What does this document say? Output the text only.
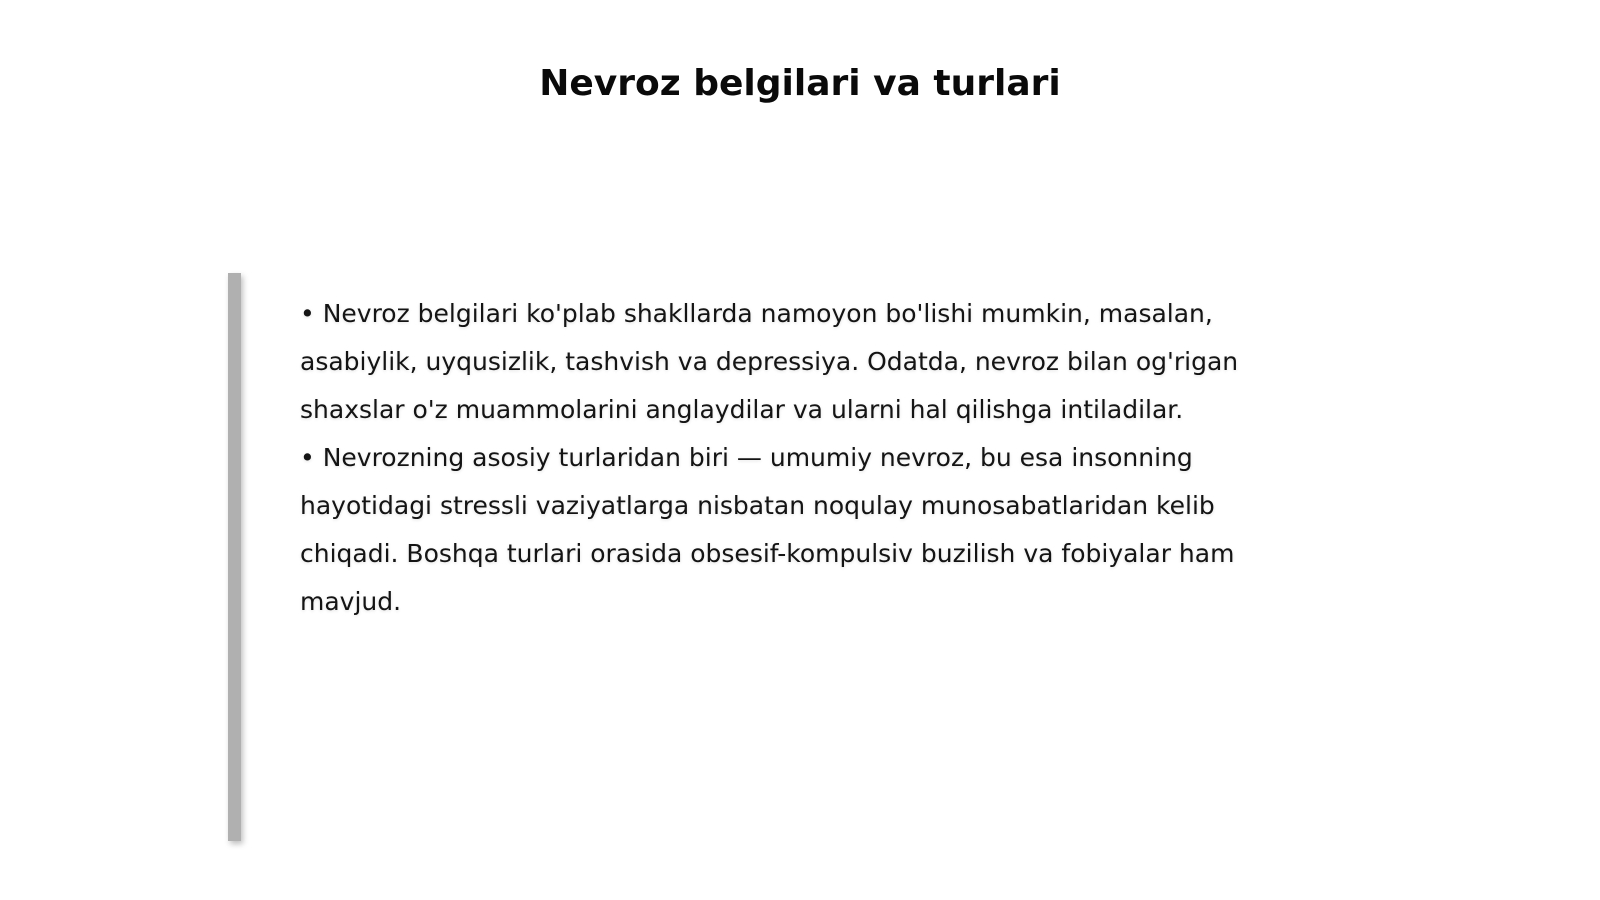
Nevroz belgilari va turlari

• Nevroz belgilari ko'plab shakllarda namoyon bo'lishi mumkin, masalan, asabiylik, uyqusizlik, tashvish va depressiya. Odatda, nevroz bilan og'rigan shaxslar o'z muammolarini anglaydilar va ularni hal qilishga intiladilar.

• Nevrozning asosiy turlaridan biri — umumiy nevroz, bu esa insonning hayotidagi stressli vaziyatlarga nisbatan noqulay munosabatlaridan kelib chiqadi. Boshqa turlari orasida obsesif-kompulsiv buzilish va fobiyalar ham mavjud.
